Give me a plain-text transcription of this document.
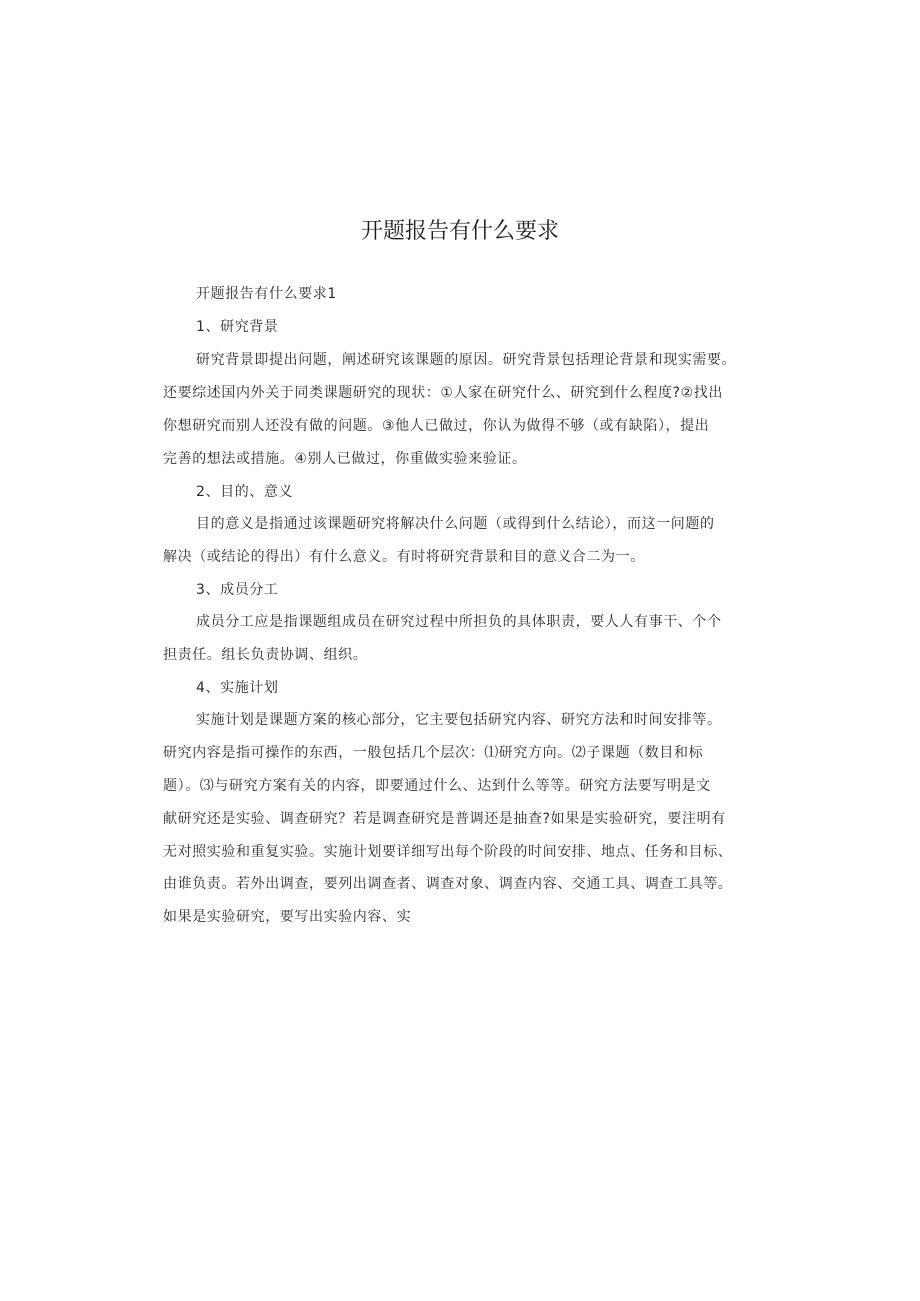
开题报告有什么要求
开题报告有什么要求1
1、研究背景
研究背景即提出问题，阐述研究该课题的原因。研究背景包括理论背景和现实需要。
还要综述国内外关于同类课题研究的现状：①人家在研究什么、研究到什么程度?②找出
你想研究而别人还没有做的问题。③他人已做过，你认为做得不够（或有缺陷），提出
完善的想法或措施。④别人已做过，你重做实验来验证。
2、目的、意义
目的意义是指通过该课题研究将解决什么问题（或得到什么结论），而这一问题的
解决（或结论的得出）有什么意义。有时将研究背景和目的意义合二为一。
3、成员分工
成员分工应是指课题组成员在研究过程中所担负的具体职责，要人人有事干、个个
担责任。组长负责协调、组织。
4、实施计划
实施计划是课题方案的核心部分，它主要包括研究内容、研究方法和时间安排等。
研究内容是指可操作的东西，一般包括几个层次：⑴研究方向。⑵子课题（数目和标
题）。⑶与研究方案有关的内容，即要通过什么、达到什么等等。研究方法要写明是文
献研究还是实验、调查研究？若是调查研究是普调还是抽查?如果是实验研究，要注明有
无对照实验和重复实验。实施计划要详细写出每个阶段的时间安排、地点、任务和目标、
由谁负责。若外出调查，要列出调查者、调查对象、调查内容、交通工具、调查工具等。
如果是实验研究，要写出实验内容、实
